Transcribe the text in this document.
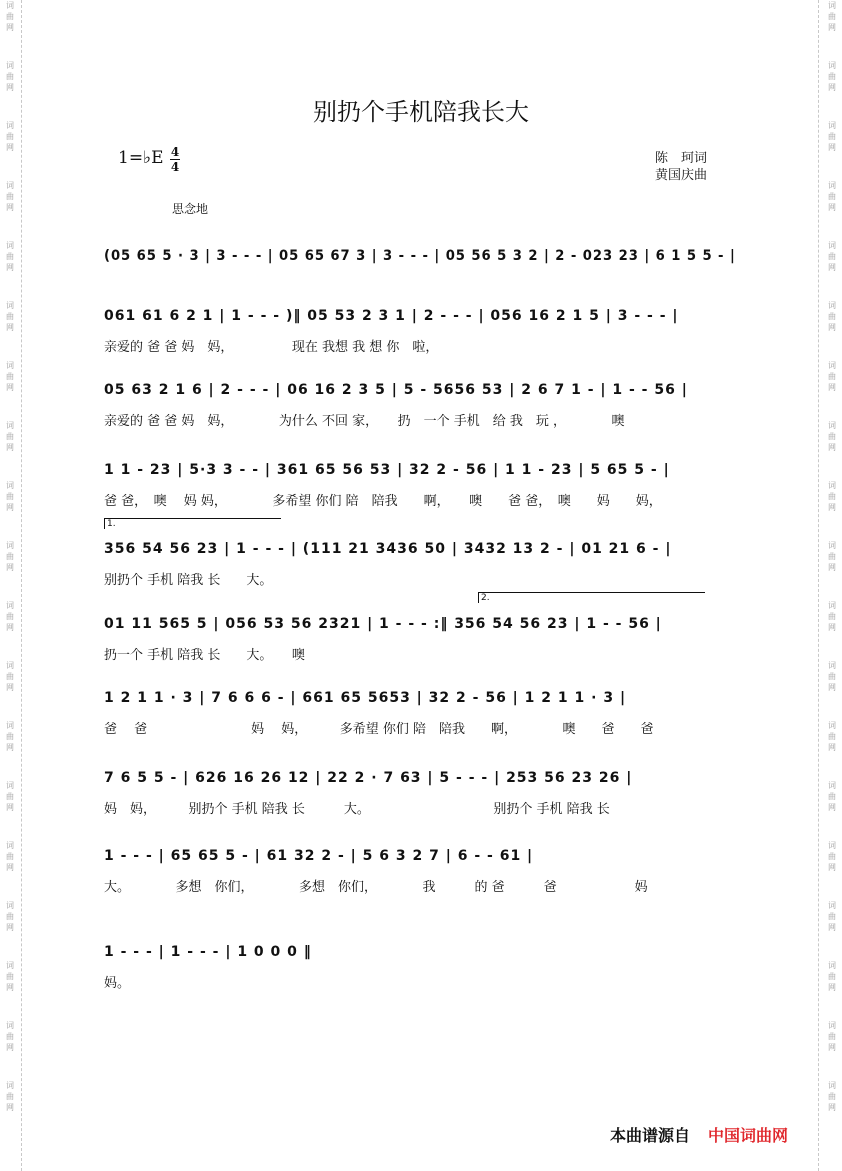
词
曲
网
词
曲
网
词
曲
网
词
曲
网
词
曲
网
词
曲
网
词
曲
网
词
曲
网
词
曲
网
词
曲
网
词
曲
网
词
曲
网
词
曲
网
词
曲
网
词
曲
网
词
曲
网
词
曲
网
词
曲
网
词
曲
网
词
曲
网
词
曲
网
词
曲
网
词
曲
网
词
曲
网
词
曲
网
词
曲
网
词
曲
网
词
曲
网
词
曲
网
词
曲
网
词
曲
网
词
曲
网
词
曲
网
词
曲
网
词
曲
网
词
曲
网
词
曲
网
词
曲
网
别扔个手机陪我长大
1=♭E 4
4
陈　珂词
黄国庆曲
思念地
(05 65 5 · 3 | 3 - - - | 05 65 67 3 | 3 - - - | 05 56 5 3 2 | 2 - 023 23 | 6 1 5 5 - |
061 61 6 2 1 | 1 - - - )‖ 05 53 2 3 1 | 2 - - - | 056 16 2 1 5 | 3 - - - |
亲爱的 爸 爸 妈　妈，　　　　　现在 我想 我 想 你　啦，
05 63 2 1 6 | 2 - - - | 06 16 2 3 5 | 5 - 5656 53 | 2 6 7 1 - | 1 - - 56 |
亲爱的 爸 爸 妈　妈，　　　　为什么 不回 家，　　扔　一个 手机　给 我　玩 ，　　　　噢
1 1 - 23 | 5·3 3 - - | 361 65 56 53 | 32 2 - 56 | 1 1 - 23 | 5 65 5 - |
爸 爸，　噢　 妈 妈，　　　　多希望 你们 陪　陪我　　啊，　　噢　　爸 爸，　噢　　妈　　妈，
356 54 56 23 | 1 - - - | (111 21 3436 50 | 3432 13 2 - | 01 21 6 - |
别扔个 手机 陪我 长　　大。
01 11 565 5 | 056 53 56 2321 | 1 - - - :‖ 356 54 56 23 | 1 - - 56 |
扔一个 手机 陪我 长　　大。　　噢
1 2 1 1 · 3 | 7 6 6 6 - | 661 65 5653 | 32 2 - 56 | 1 2 1 1 · 3 |
爸　 爸　　　　　　　　妈　 妈，　　　多希望 你们 陪　陪我　　啊，　　　　噢　　爸　　爸
7 6 5 5 - | 626 16 26 12 | 22 2 · 7 63 | 5 - - - | 253 56 23 26 |
妈　妈，　　　别扔个 手机 陪我 长　　　大。　　　　　　　　　　别扔个 手机 陪我 长
1 - - - | 65 65 5 - | 61 32 2 - | 5 6 3 2 7 | 6 - - 61 |
大。　　　　多想　你们，　　　　多想　你们，　　　　我　　　的 爸　　　爸　　　　　　妈
1 - - - | 1 - - - | 1 0 0 0 ‖
妈。
1.
2.
本曲谱源自 中国词曲网
